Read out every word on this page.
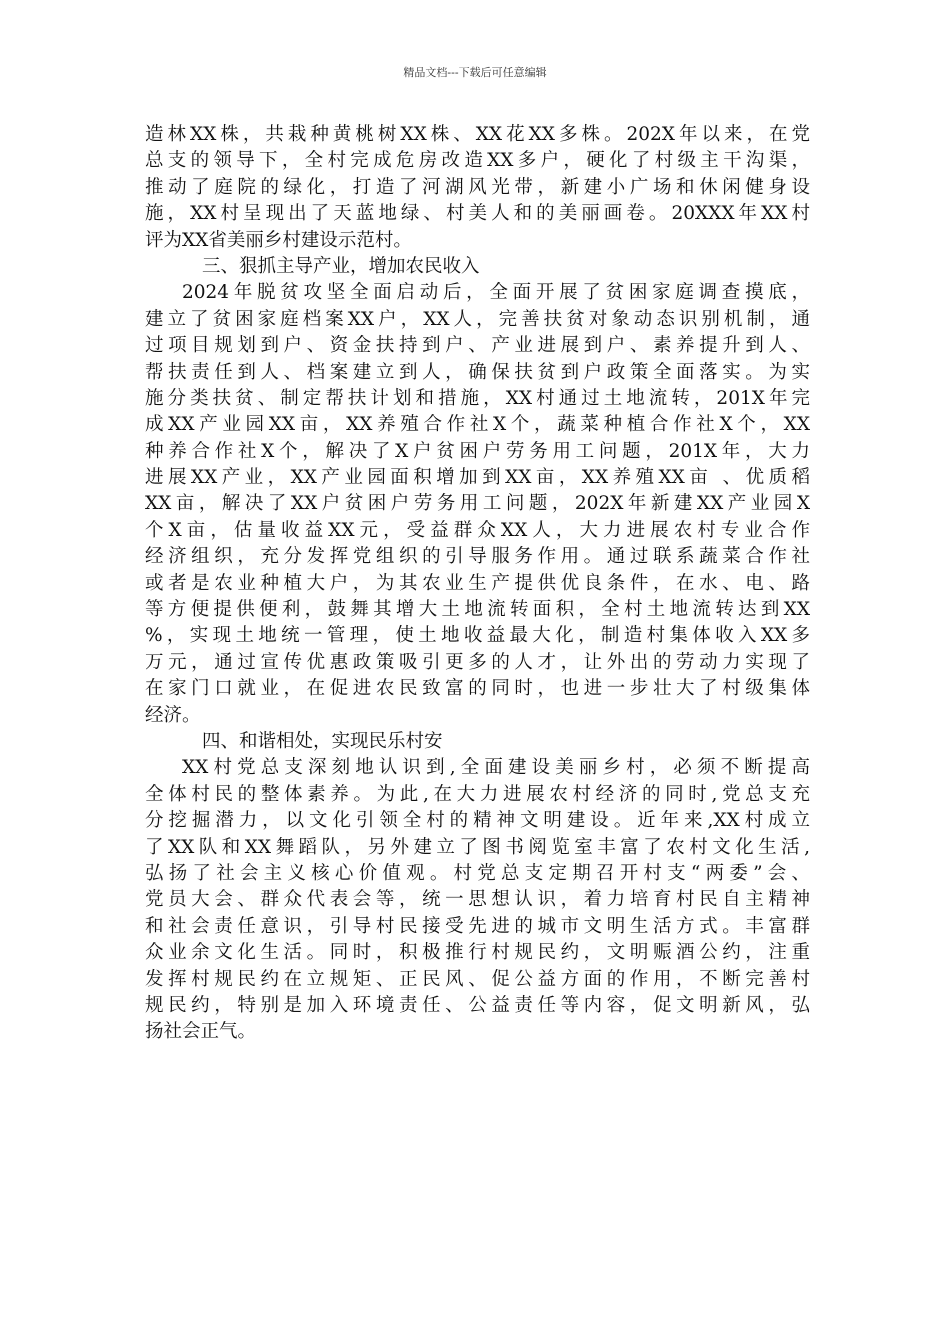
精品文档---下载后可任意编辑
造林XX株，共栽种黄桃树XX株、XX花XX多株。202X年以来，在党
总支的领导下，全村完成危房改造XX多户，硬化了村级主干沟渠，
推动了庭院的绿化，打造了河湖风光带，新建小广场和休闲健身设
施，XX村呈现出了天蓝地绿、村美人和的美丽画卷。20XXX年XX村
评为XX省美丽乡村建设示范村。
三、狠抓主导产业，增加农民收入
2024年脱贫攻坚全面启动后，全面开展了贫困家庭调查摸底，
建立了贫困家庭档案XX户，XX人，完善扶贫对象动态识别机制，通
过项目规划到户、资金扶持到户、产业进展到户、素养提升到人、
帮扶责任到人、档案建立到人，确保扶贫到户政策全面落实。为实
施分类扶贫、制定帮扶计划和措施，XX村通过土地流转，201X年完
成XX产业园XX亩，XX养殖合作社X个，蔬菜种植合作社X个，XX
种养合作社X个，解决了X户贫困户劳务用工问题，201X年，大力
进展XX产业，XX产业园面积增加到XX亩，XX养殖XX亩 、优质稻
XX亩，解决了XX户贫困户劳务用工问题，202X年新建XX产业园X
个X亩，估量收益XX元，受益群众XX人，大力进展农村专业合作
经济组织，充分发挥党组织的引导服务作用。通过联系蔬菜合作社
或者是农业种植大户，为其农业生产提供优良条件，在水、电、路
等方便提供便利，鼓舞其增大土地流转面积，全村土地流转达到XX
%，实现土地统一管理，使土地收益最大化，制造村集体收入XX多
万元，通过宣传优惠政策吸引更多的人才，让外出的劳动力实现了
在家门口就业，在促进农民致富的同时，也进一步壮大了村级集体
经济。
四、和谐相处，实现民乐村安
XX村党总支深刻地认识到,全面建设美丽乡村，必须不断提高
全体村民的整体素养。为此,在大力进展农村经济的同时,党总支充
分挖掘潜力，以文化引领全村的精神文明建设。近年来,XX村成立
了XX队和XX舞蹈队，另外建立了图书阅览室丰富了农村文化生活,
弘扬了社会主义核心价值观。村党总支定期召开村支“两委”会、
党员大会、群众代表会等，统一思想认识，着力培育村民自主精神
和社会责任意识，引导村民接受先进的城市文明生活方式。丰富群
众业余文化生活。同时，积极推行村规民约，文明赈酒公约，注重
发挥村规民约在立规矩、正民风、促公益方面的作用，不断完善村
规民约，特别是加入环境责任、公益责任等内容，促文明新风，弘
扬社会正气。
